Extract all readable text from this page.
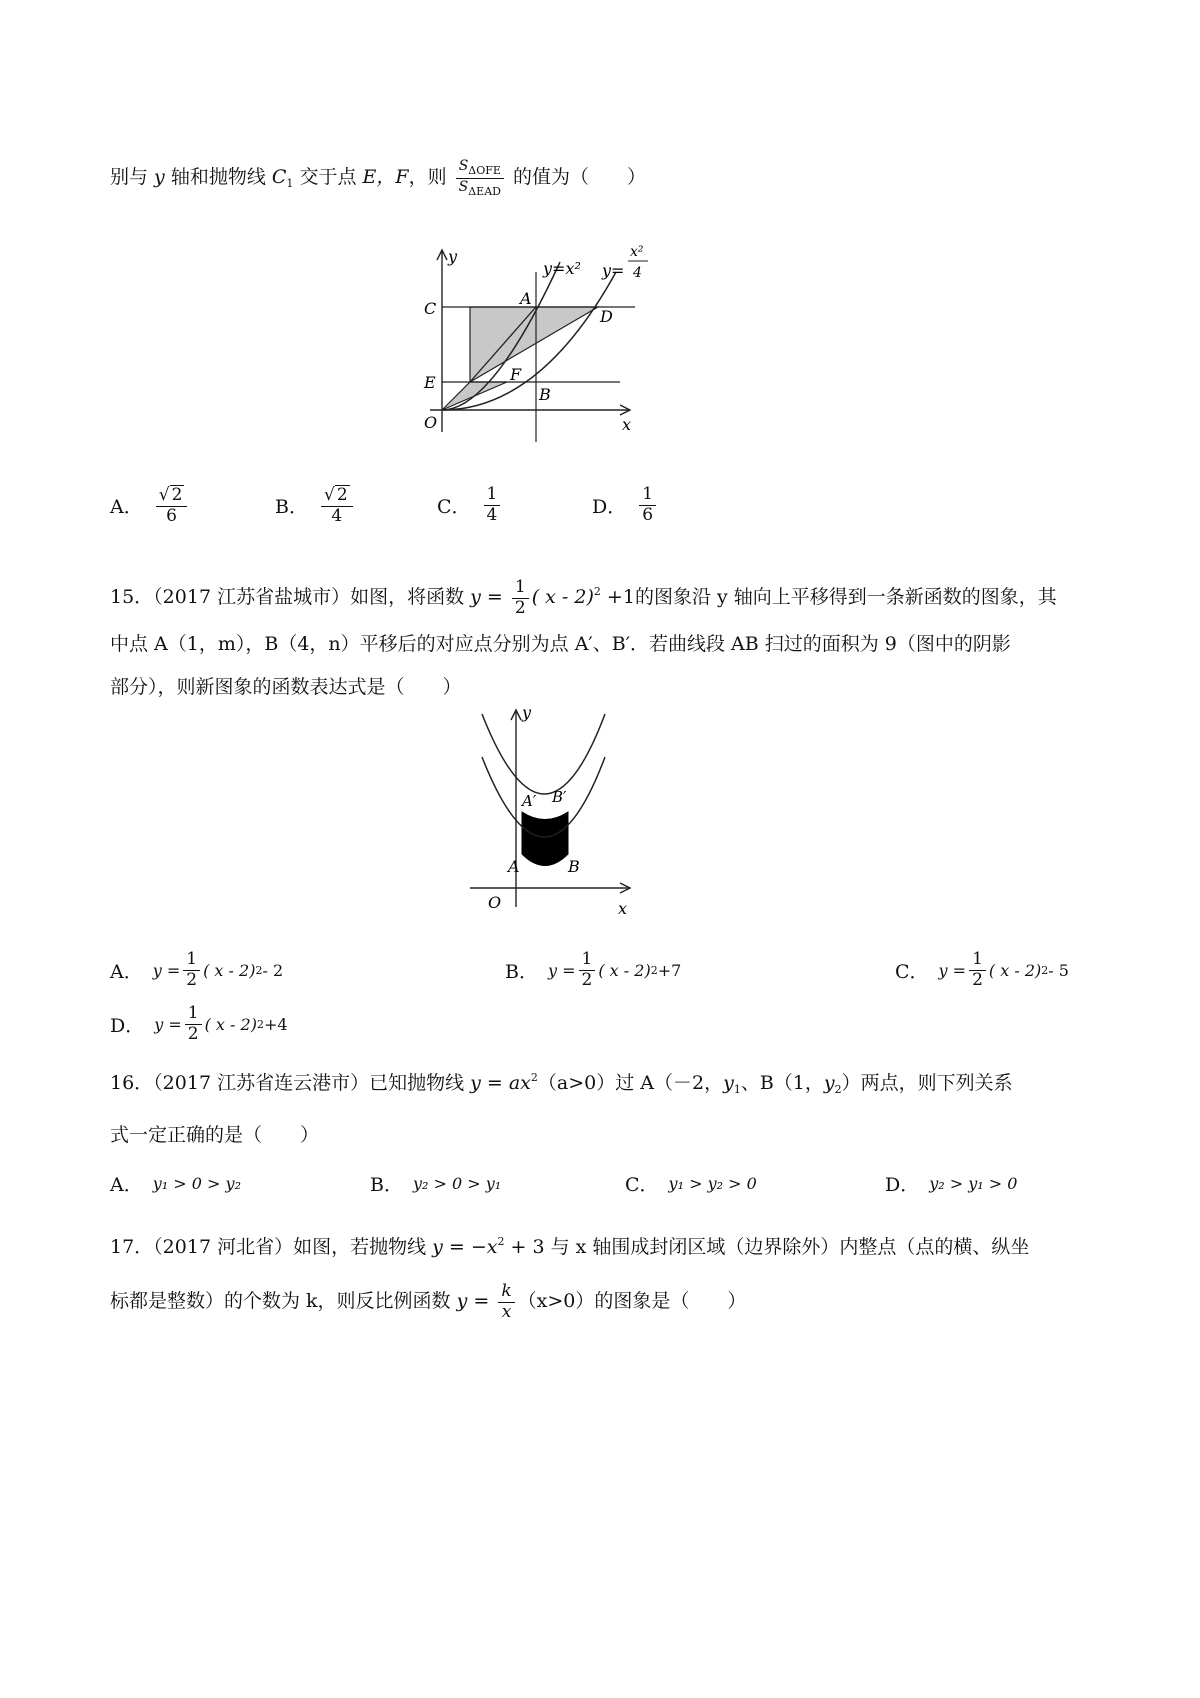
别与 y 轴和抛物线 $C_1$ 交于点 E，F，则 $\frac{S_{\Delta OFE}}{S_{\Delta EAD}}$ 的值为（　　）
y=x² y=
x²
4
y
x
O
C
E
A
D
F
B
A． $\frac{√ 2}{6}$	B． $\frac{√ 2}{4}$	C． $\frac{1}{4}$	D． $\frac{1}{6}$
15．（2017 江苏省盐城市）如图，将函数 $y = \frac{1}{2}$ ( x - 2)$^2$ +1的图象沿 y 轴向上平移得到一条新函数的图象，其
中点 A（1，m），B（4，n）平移后的对应点分别为点 A′、B′．若曲线段 AB 扫过的面积为 9（图中的阴影
部分），则新图象的函数表达式是（　　）
y
x
O
A	B
A′ B′
A． $y = \frac{1}{2}$ ( x - 2) 2 - 2	B． $y = \frac{1}{2}$ ( x - 2) 2 +7	C． $y = \frac{1}{2}$ ( x - 2) 2 - 5
D． $y = \frac{1}{2}$ ( x - 2) 2 +4
16．（2017 江苏省连云港市）已知抛物线 $y = ax^2(a>0)$过 A（－2，$y_1$、B（1，$y_2$）两点，则下列关系
式一定正确的是（　　）
A． y₁ > 0 > y₂	B． y₂ > 0 > y₁	C． y₁ > y₂ > 0	D． y₂ > y₁ > 0
17．（2017 河北省）如图，若抛物线 $y = -x^2 + 3$ 与 x 轴围成封闭区域（边界除外）内整点（点的横、纵坐
标都是整数）的个数为 k，则反比例函数 $y = \frac{k}{x} (x>0)$的图象是（　　）
